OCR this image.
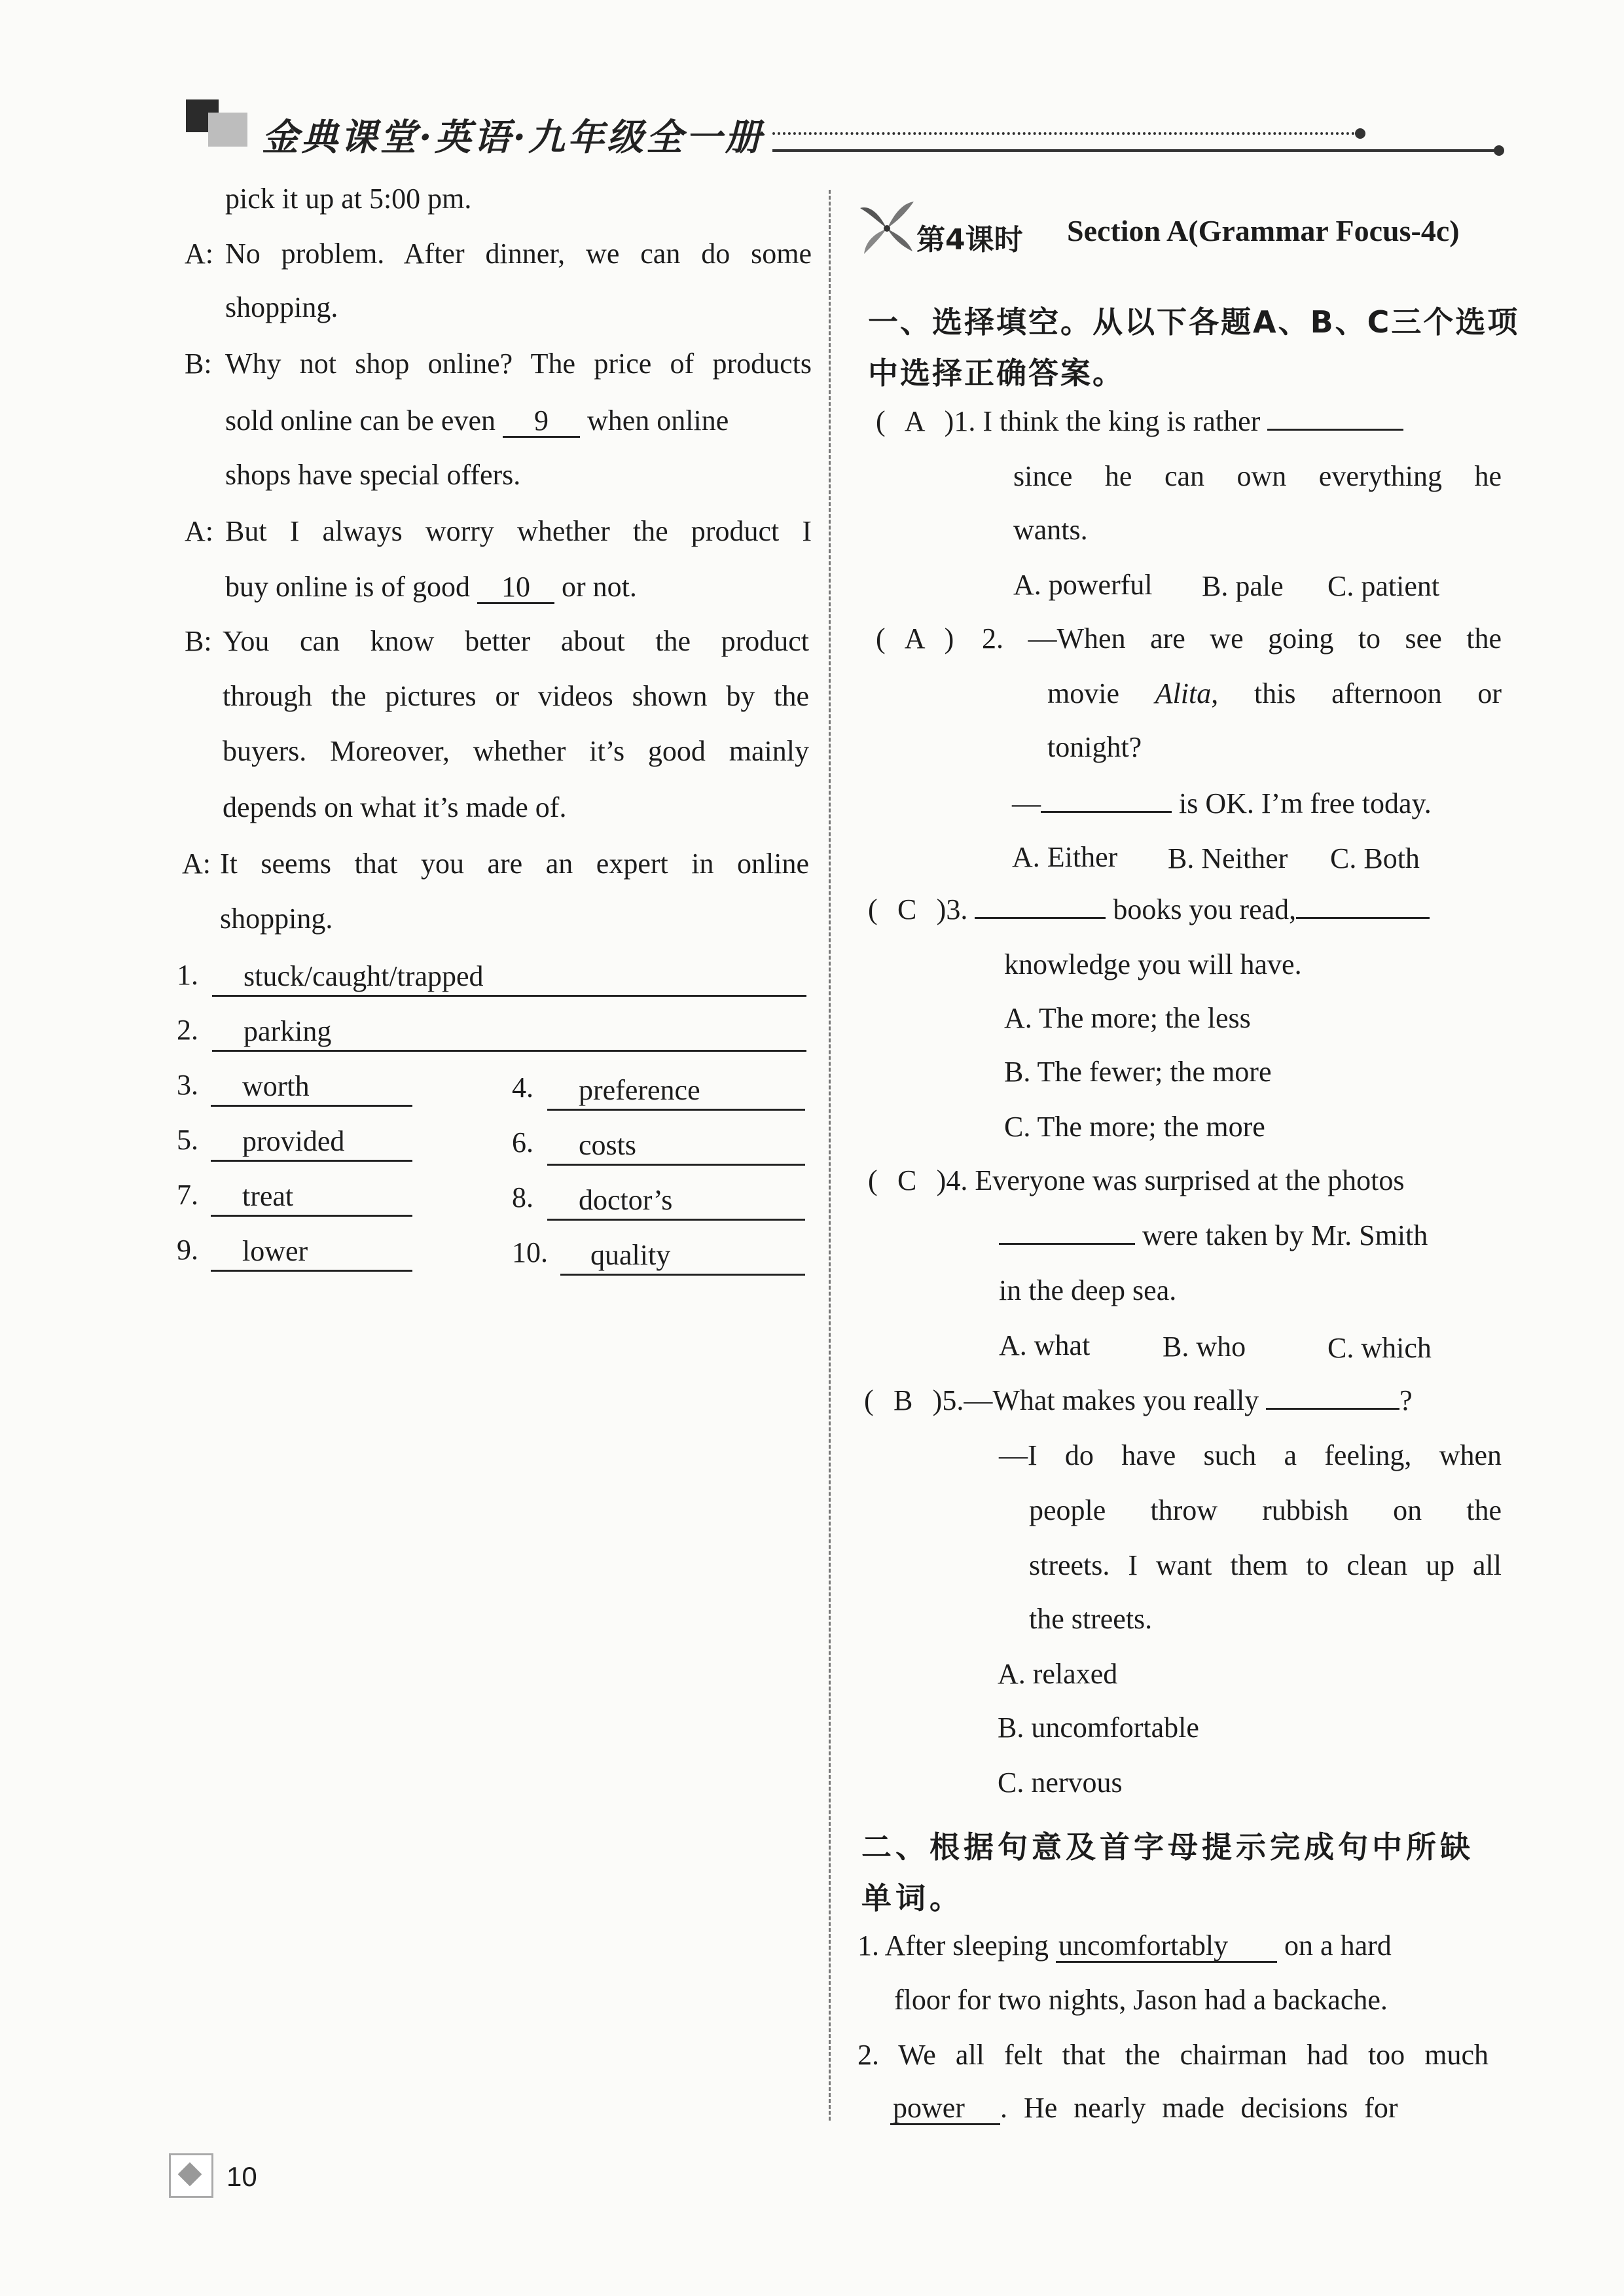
金典课堂·英语·九年级全一册
pick it up at 5:00 pm.
A: No problem. After dinner, we can do some
shopping.
B: Why not shop online? The price of products
sold online can be even 9 when online
shops have special offers.
A: But I always worry whether the product I
buy online is of good 10 or not.
B: You can know better about the product
through the pictures or videos shown by the
buyers. Moreover, whether it’s good mainly
depends on what it’s made of.
A: It seems that you are an expert in online
shopping.
1. stuck/caught/trapped
2. parking
3. worth	4. preference
5. provided	6. costs
7. treat	8. doctor’s
9. lower	10. quality
第4课时 Section A(Grammar Focus-4c)
一、选择填空。从以下各题A、B、C三个选项
中选择正确答案。
( A )1. I think the king is rather
since he can own everything he
wants.
A. powerful B. pale C. patient
( A ) 2. —When are we going to see the
movie Alita, this afternoon or
tonight?
—	is OK. I’m free today.
A. Either B. Neither C. Both
( C )3.	books you read,
knowledge you will have.
A. The more; the less
B. The fewer; the more
C. The more; the more
( C )4. Everyone was surprised at the photos
were taken by Mr. Smith
in the deep sea.
A. what	B. who	C. which
( B )5.—What makes you really	?
—I do have such a feeling, when
people throw rubbish on the
streets. I want them to clean up all
the streets.
A. relaxed
B. uncomfortable
C. nervous
二、根据句意及首字母提示完成句中所缺
单词。
1. After sleeping uncomfortably on a hard
floor for two nights, Jason had a backache.
2. We all felt that the chairman had too much
power . He nearly made decisions for
10
